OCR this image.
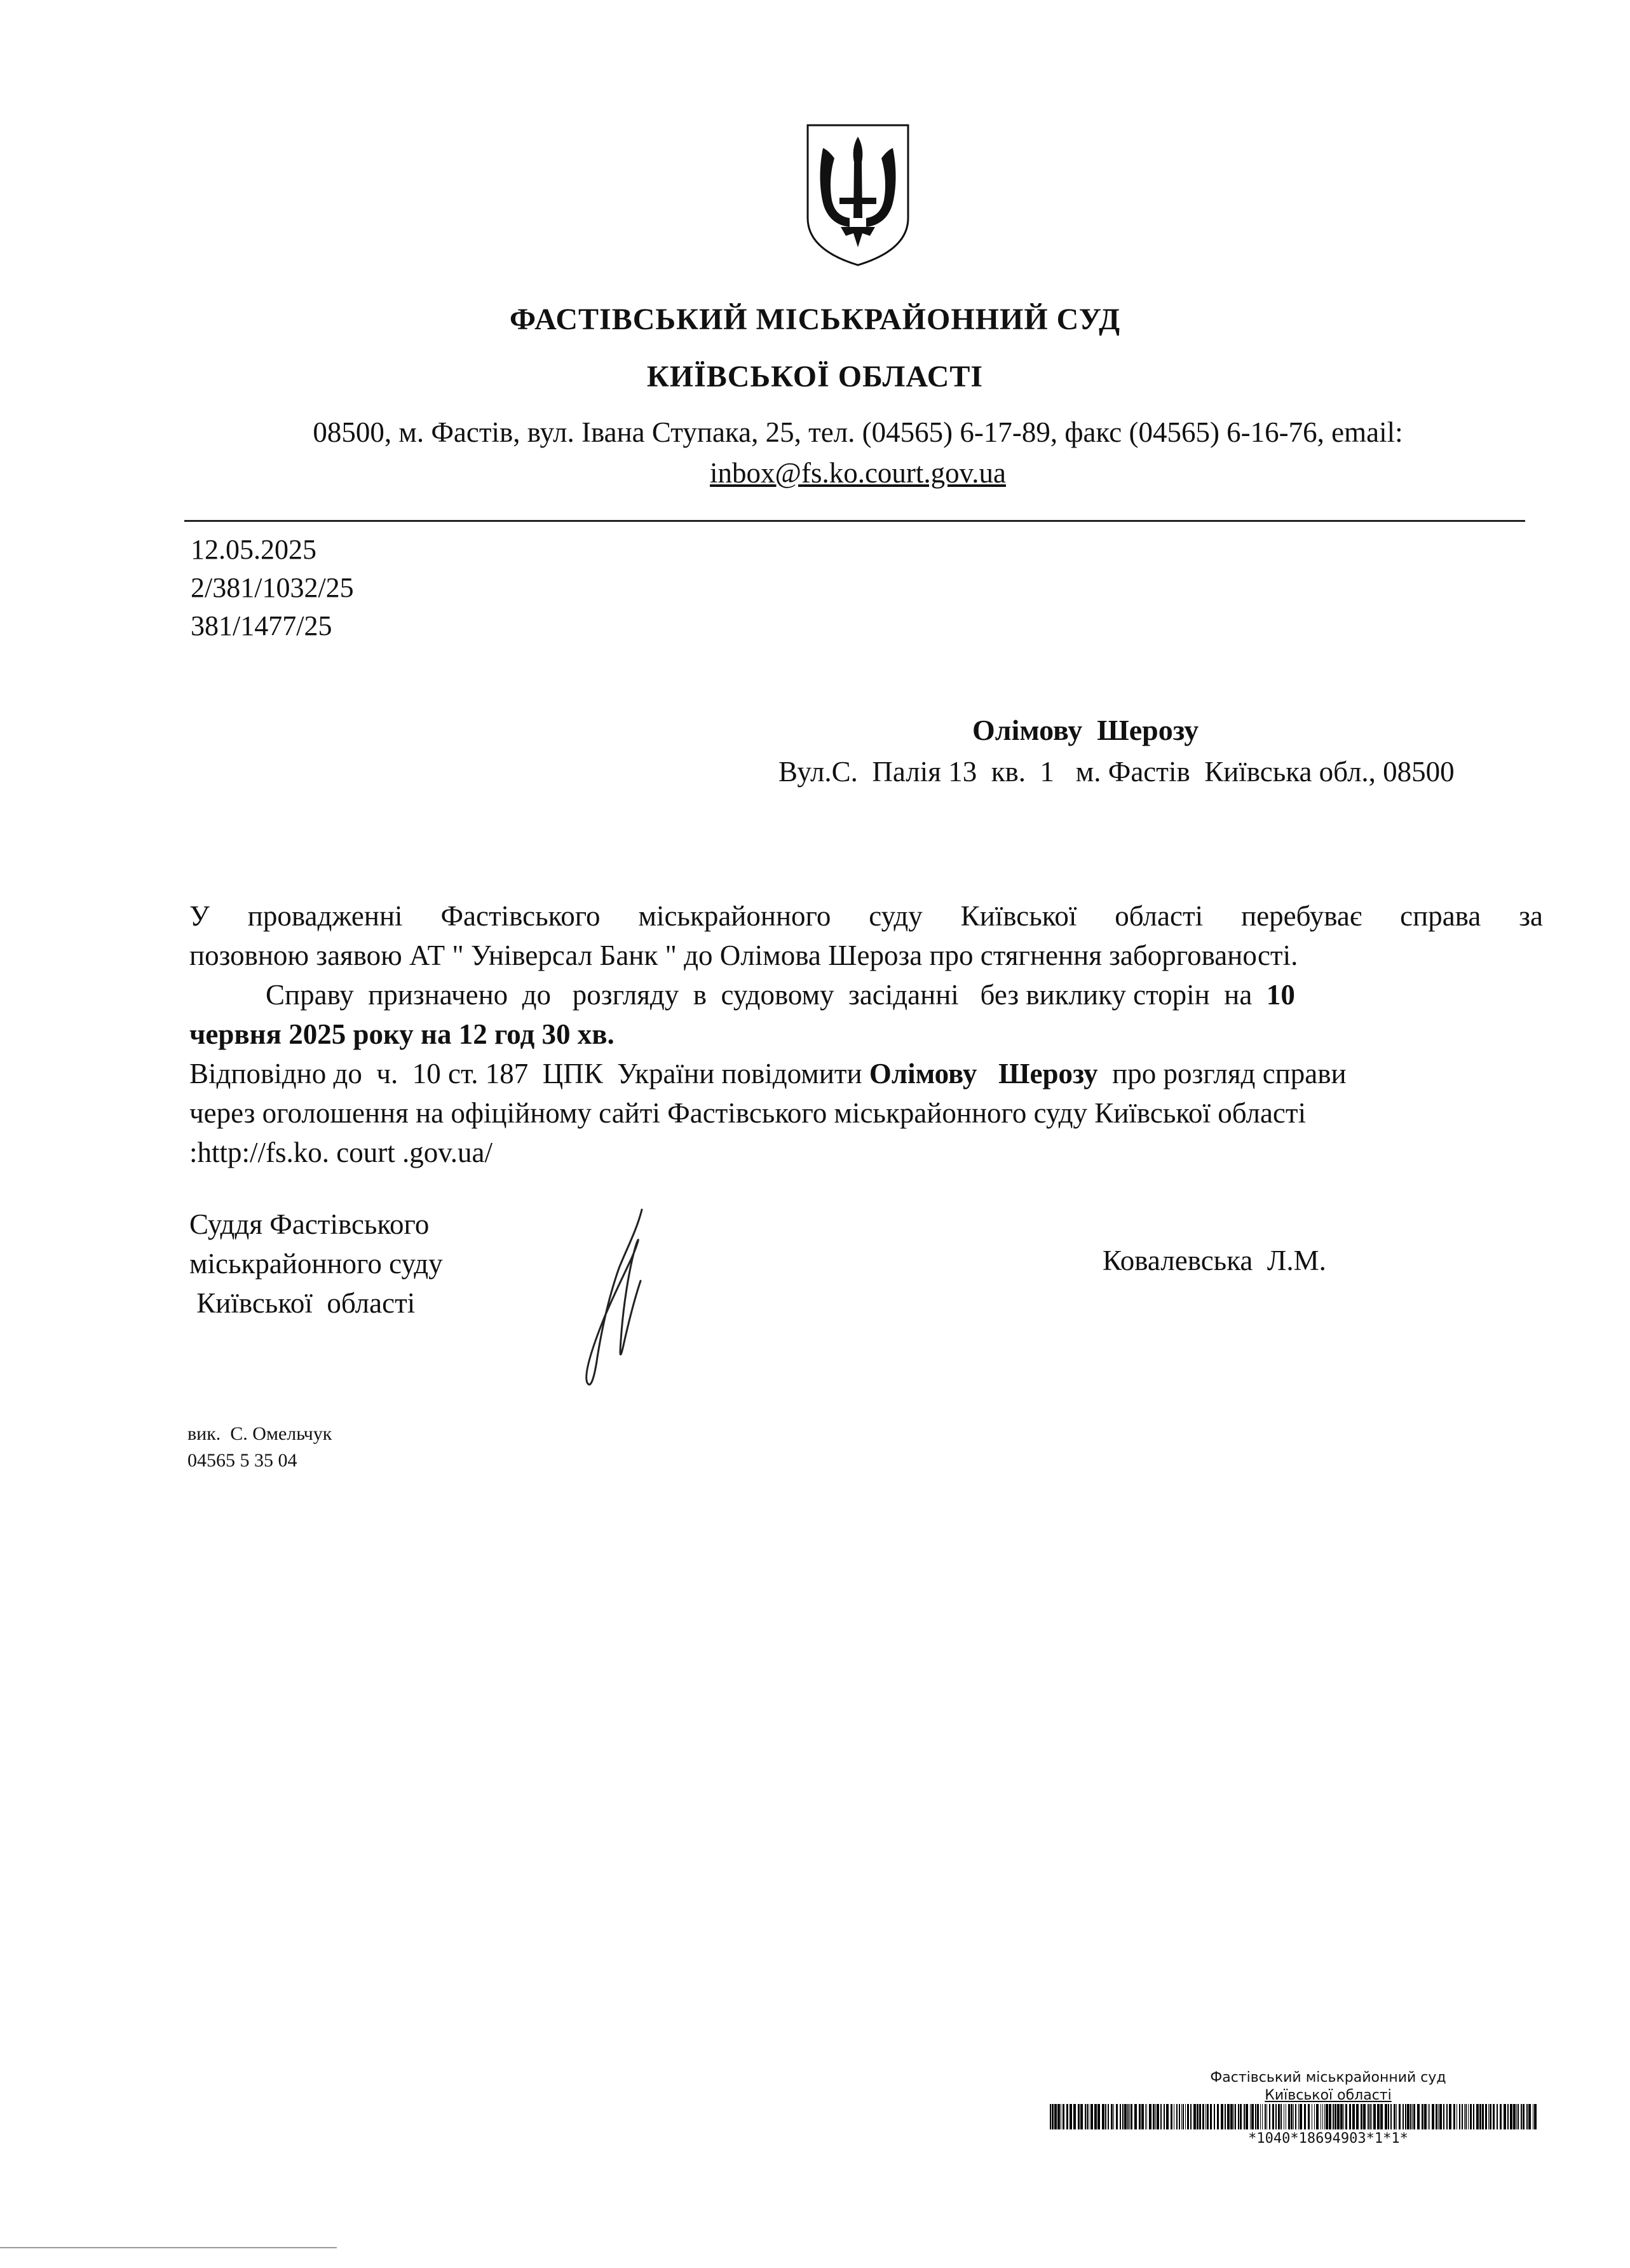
ФАСТІВСЬКИЙ МІСЬКРАЙОННИЙ СУД
КИЇВСЬКОЇ ОБЛАСТІ
08500, м. Фастів, вул. Івана Ступака, 25, тел. (04565) 6-17-89, факс (04565) 6-16-76, email:
inbox@fs.ko.court.gov.ua
12.05.2025
2/381/1032/25
381/1477/25
Олімову  Шерозу
Вул.С.  Палія 13  кв.  1   м. Фастів  Київська обл., 08500
У провадженні Фастівського міськрайонного суду Київської області перебуває справа за
позовною заявою АТ " Універсал Банк " до Олімова Шероза про стягнення заборгованості.
Справу  призначено  до   розгляду  в  судовому  засіданні   без виклику сторін  на  10
червня 2025 року на 12 год 30 хв.
Відповідно до  ч.  10 ст. 187  ЦПК  України повідомити Олімову   Шерозу  про розгляд справи
через оголошення на офіційному сайті Фастівського міськрайонного суду Київської області
:http://fs.ko. court .gov.ua/
Суддя Фастівського
міськрайонного суду
Київської  області
Ковалевська  Л.М.
вик.  С. Омельчук
04565 5 35 04
Фастівський міськрайонний суд
Київської області
*1040*18694903*1*1*
